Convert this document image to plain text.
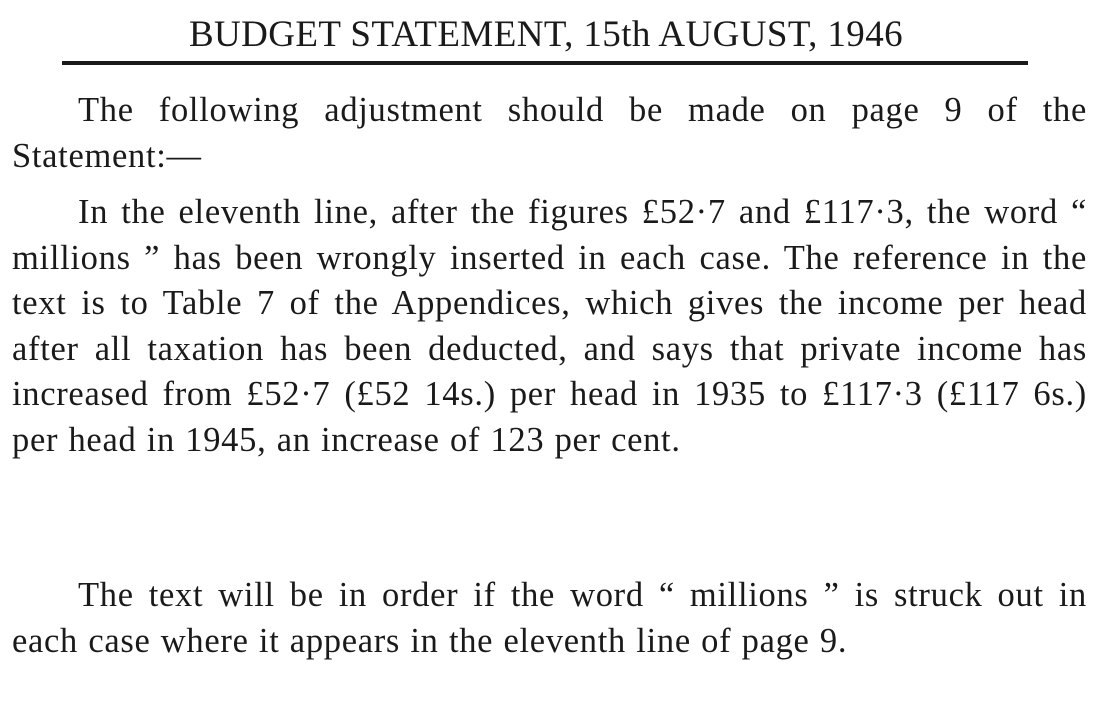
BUDGET STATEMENT, 15th AUGUST, 1946

The following adjustment should be made on page 9 of the Statement:—

In the eleventh line, after the figures £52·7 and £117·3, the word “ millions ” has been wrongly inserted in each case. The reference in the text is to Table 7 of the Appendices, which gives the income per head after all taxation has been deducted, and says that private income has increased from £52·7 (£52 14s.) per head in 1935 to £117·3 (£117 6s.) per head in 1945, an increase of 123 per cent.

The text will be in order if the word “ millions ” is struck out in each case where it appears in the eleventh line of page 9.
